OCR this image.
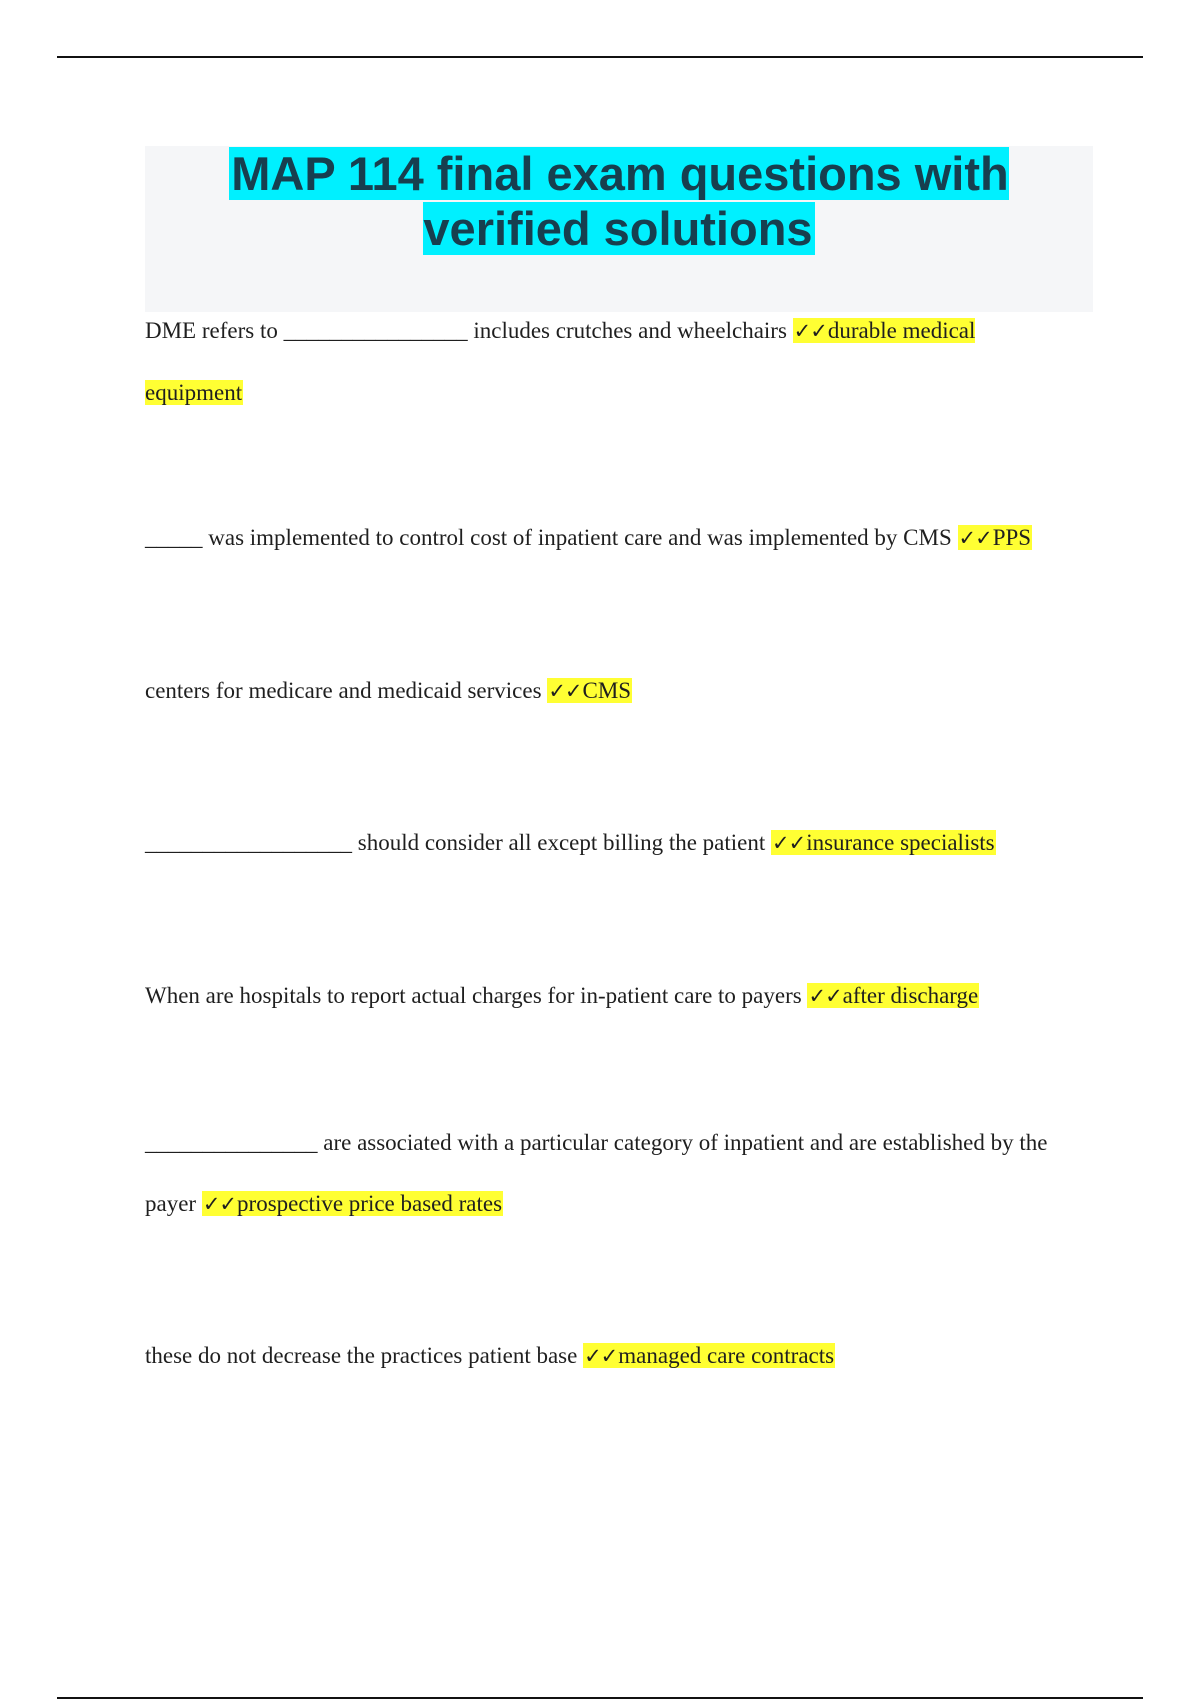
MAP 114 final exam questions with verified solutions

DME refers to ________________ includes crutches and wheelchairs ✓✓durable medical equipment

_____ was implemented to control cost of inpatient care and was implemented by CMS ✓✓PPS

centers for medicare and medicaid services ✓✓CMS

__________________ should consider all except billing the patient ✓✓insurance specialists

When are hospitals to report actual charges for in-patient care to payers ✓✓after discharge

_______________ are associated with a particular category of inpatient and are established by the payer ✓✓prospective price based rates

these do not decrease the practices patient base ✓✓managed care contracts
